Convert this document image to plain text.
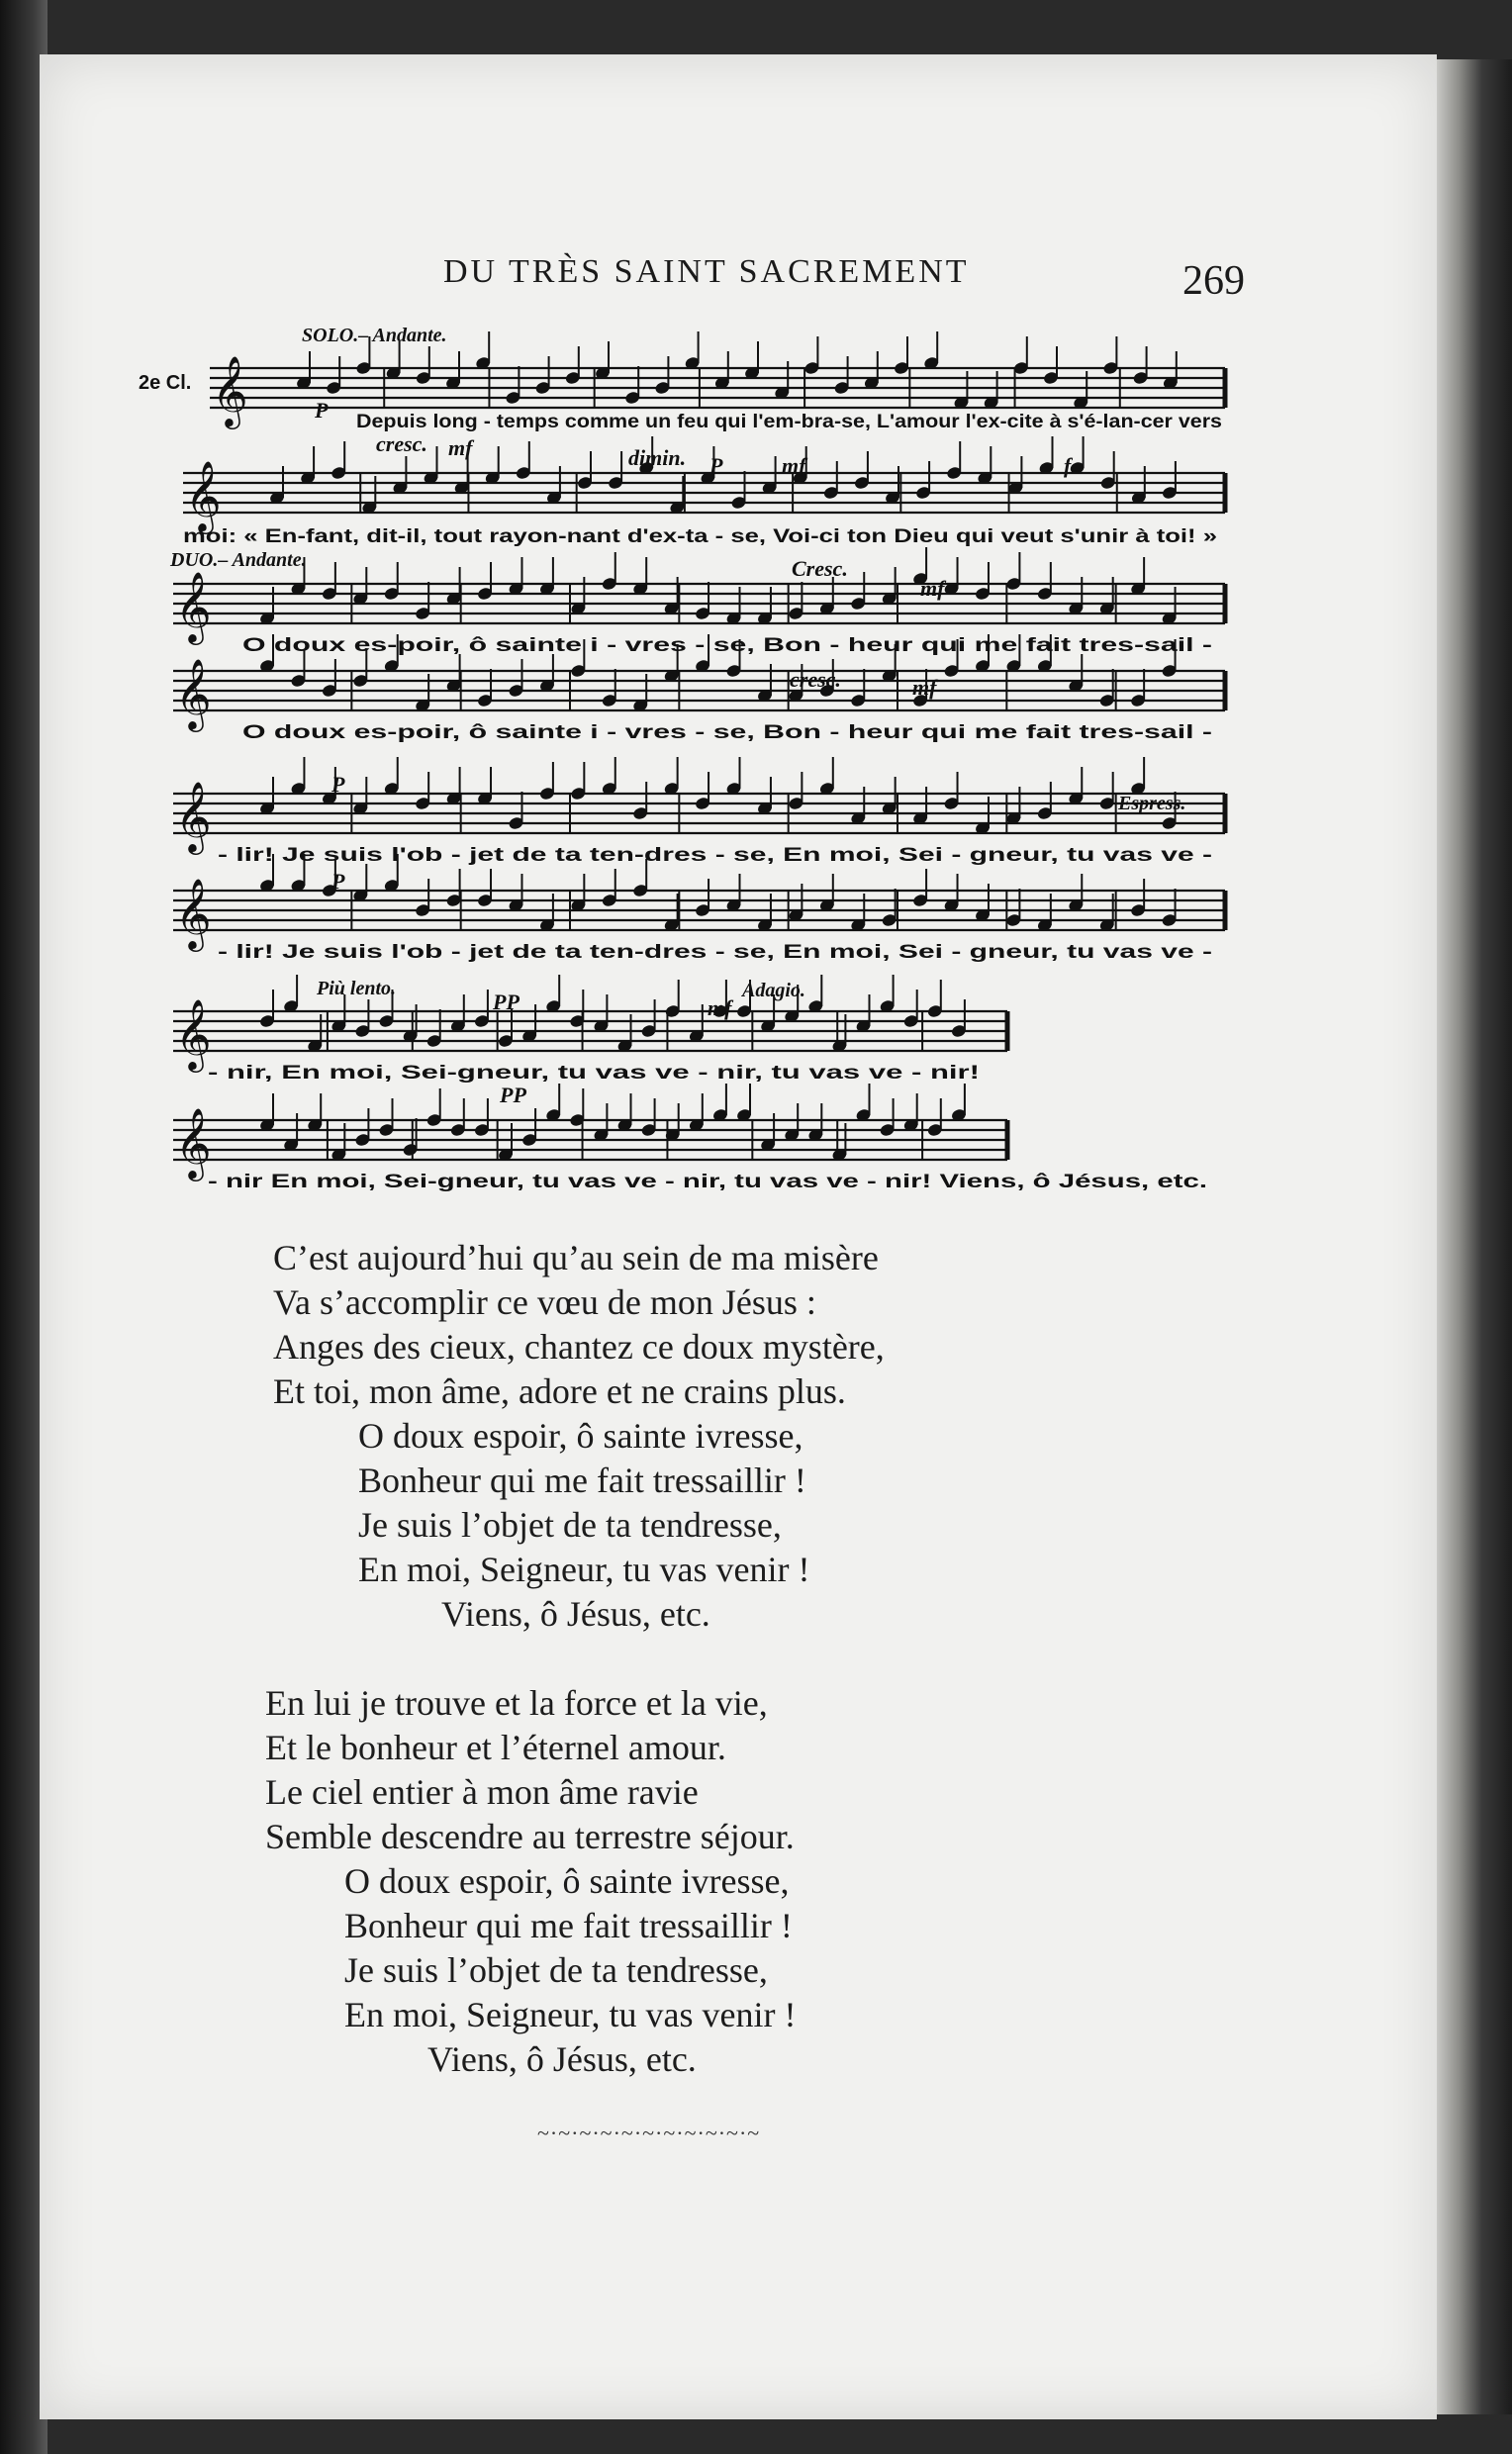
DU TRÈS SAINT SACREMENT	269
𝄞
𝄞
𝄞
𝄞
𝄞
𝄞
𝄞
𝄞
SOLO.– Andante.
2e Cl.
DUO.– Andante.
Più lento.	Adagio.
Espress.
P
cresc. mf	dimin. P	mf	f
Cresc.
mf
cresc.	mf
P
P
PP	mf
PP
Depuis long - temps comme un feu qui l'em-bra-se, L'amour l'ex-cite à s'é-lan-cer vers
moi: « En-fant, dit-il, tout rayon-nant d'ex-ta - se, Voi-ci ton Dieu qui veut s'unir à toi! »
O doux es-poir, ô sainte i - vres - se, Bon - heur qui me fait tres-sail -
O doux es-poir, ô sainte i - vres - se, Bon - heur qui me fait tres-sail -
- lir! Je suis l'ob - jet de ta ten-dres - se, En moi, Sei - gneur, tu vas ve -
- lir! Je suis l'ob - jet de ta ten-dres - se, En moi, Sei - gneur, tu vas ve -
- nir, En moi, Sei-gneur, tu vas ve - nir, tu vas ve - nir!
- nir En moi, Sei-gneur, tu vas ve - nir, tu vas ve - nir! Viens, ô Jésus, etc.
C’est aujourd’hui qu’au sein de ma misère
Va s’accomplir ce vœu de mon Jésus :
Anges des cieux, chantez ce doux mystère,
Et toi, mon âme, adore et ne crains plus.
O doux espoir, ô sainte ivresse,
Bonheur qui me fait tressaillir !
Je suis l’objet de ta tendresse,
En moi, Seigneur, tu vas venir !
Viens, ô Jésus, etc.
En lui je trouve et la force et la vie,
Et le bonheur et l’éternel amour.
Le ciel entier à mon âme ravie
Semble descendre au terrestre séjour.
O doux espoir, ô sainte ivresse,
Bonheur qui me fait tressaillir !
Je suis l’objet de ta tendresse,
En moi, Seigneur, tu vas venir !
Viens, ô Jésus, etc.
~·~·~·~·~·~·~·~·~·~·~
